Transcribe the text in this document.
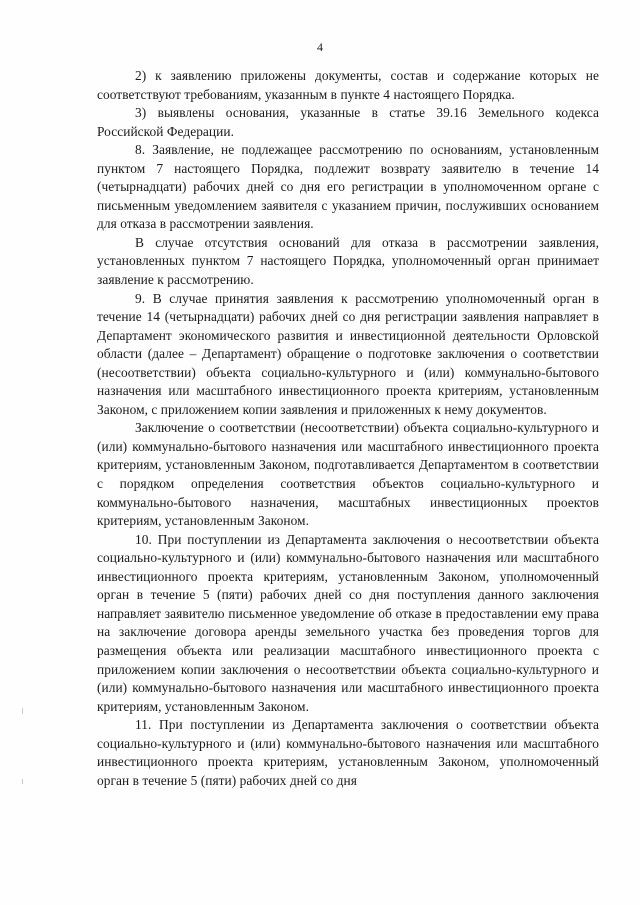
4

2) к заявлению приложены документы, состав и содержание которых не соответствуют требованиям, указанным в пункте 4 настоящего Порядка.

3) выявлены основания, указанные в статье 39.16 Земельного кодекса Российской Федерации.

8. Заявление, не подлежащее рассмотрению по основаниям, установленным пунктом 7 настоящего Порядка, подлежит возврату заявителю в течение 14 (четырнадцати) рабочих дней со дня его регистрации в уполномоченном органе с письменным уведомлением заявителя с указанием причин, послуживших основанием для отказа в рассмотрении заявления.

В случае отсутствия оснований для отказа в рассмотрении заявления, установленных пунктом 7 настоящего Порядка, уполномоченный орган принимает заявление к рассмотрению.

9. В случае принятия заявления к рассмотрению уполномоченный орган в течение 14 (четырнадцати) рабочих дней со дня регистрации заявления направляет в Департамент экономического развития и инвестиционной деятельности Орловской области (далее – Департамент) обращение о подготовке заключения о соответствии (несоответствии) объекта социально-культурного и (или) коммунально-бытового назначения или масштабного инвестиционного проекта критериям, установленным Законом, с приложением копии заявления и приложенных к нему документов.

Заключение о соответствии (несоответствии) объекта социально-культурного и (или) коммунально-бытового назначения или масштабного инвестиционного проекта критериям, установленным Законом, подготавливается Департаментом в соответствии с порядком определения соответствия объектов социально-культурного и коммунально-бытового назначения, масштабных инвестиционных проектов критериям, установленным Законом.

10. При поступлении из Департамента заключения о несоответствии объекта социально-культурного и (или) коммунально-бытового назначения или масштабного инвестиционного проекта критериям, установленным Законом, уполномоченный орган в течение 5 (пяти) рабочих дней со дня поступления данного заключения направляет заявителю письменное уведомление об отказе в предоставлении ему права на заключение договора аренды земельного участка без проведения торгов для размещения объекта или реализации масштабного инвестиционного проекта с приложением копии заключения о несоответствии объекта социально-культурного и (или) коммунально-бытового назначения или масштабного инвестиционного проекта критериям, установленным Законом.

11. При поступлении из Департамента заключения о соответствии объекта социально-культурного и (или) коммунально-бытового назначения или масштабного инвестиционного проекта критериям, установленным Законом, уполномоченный орган в течение 5 (пяти) рабочих дней со дня
